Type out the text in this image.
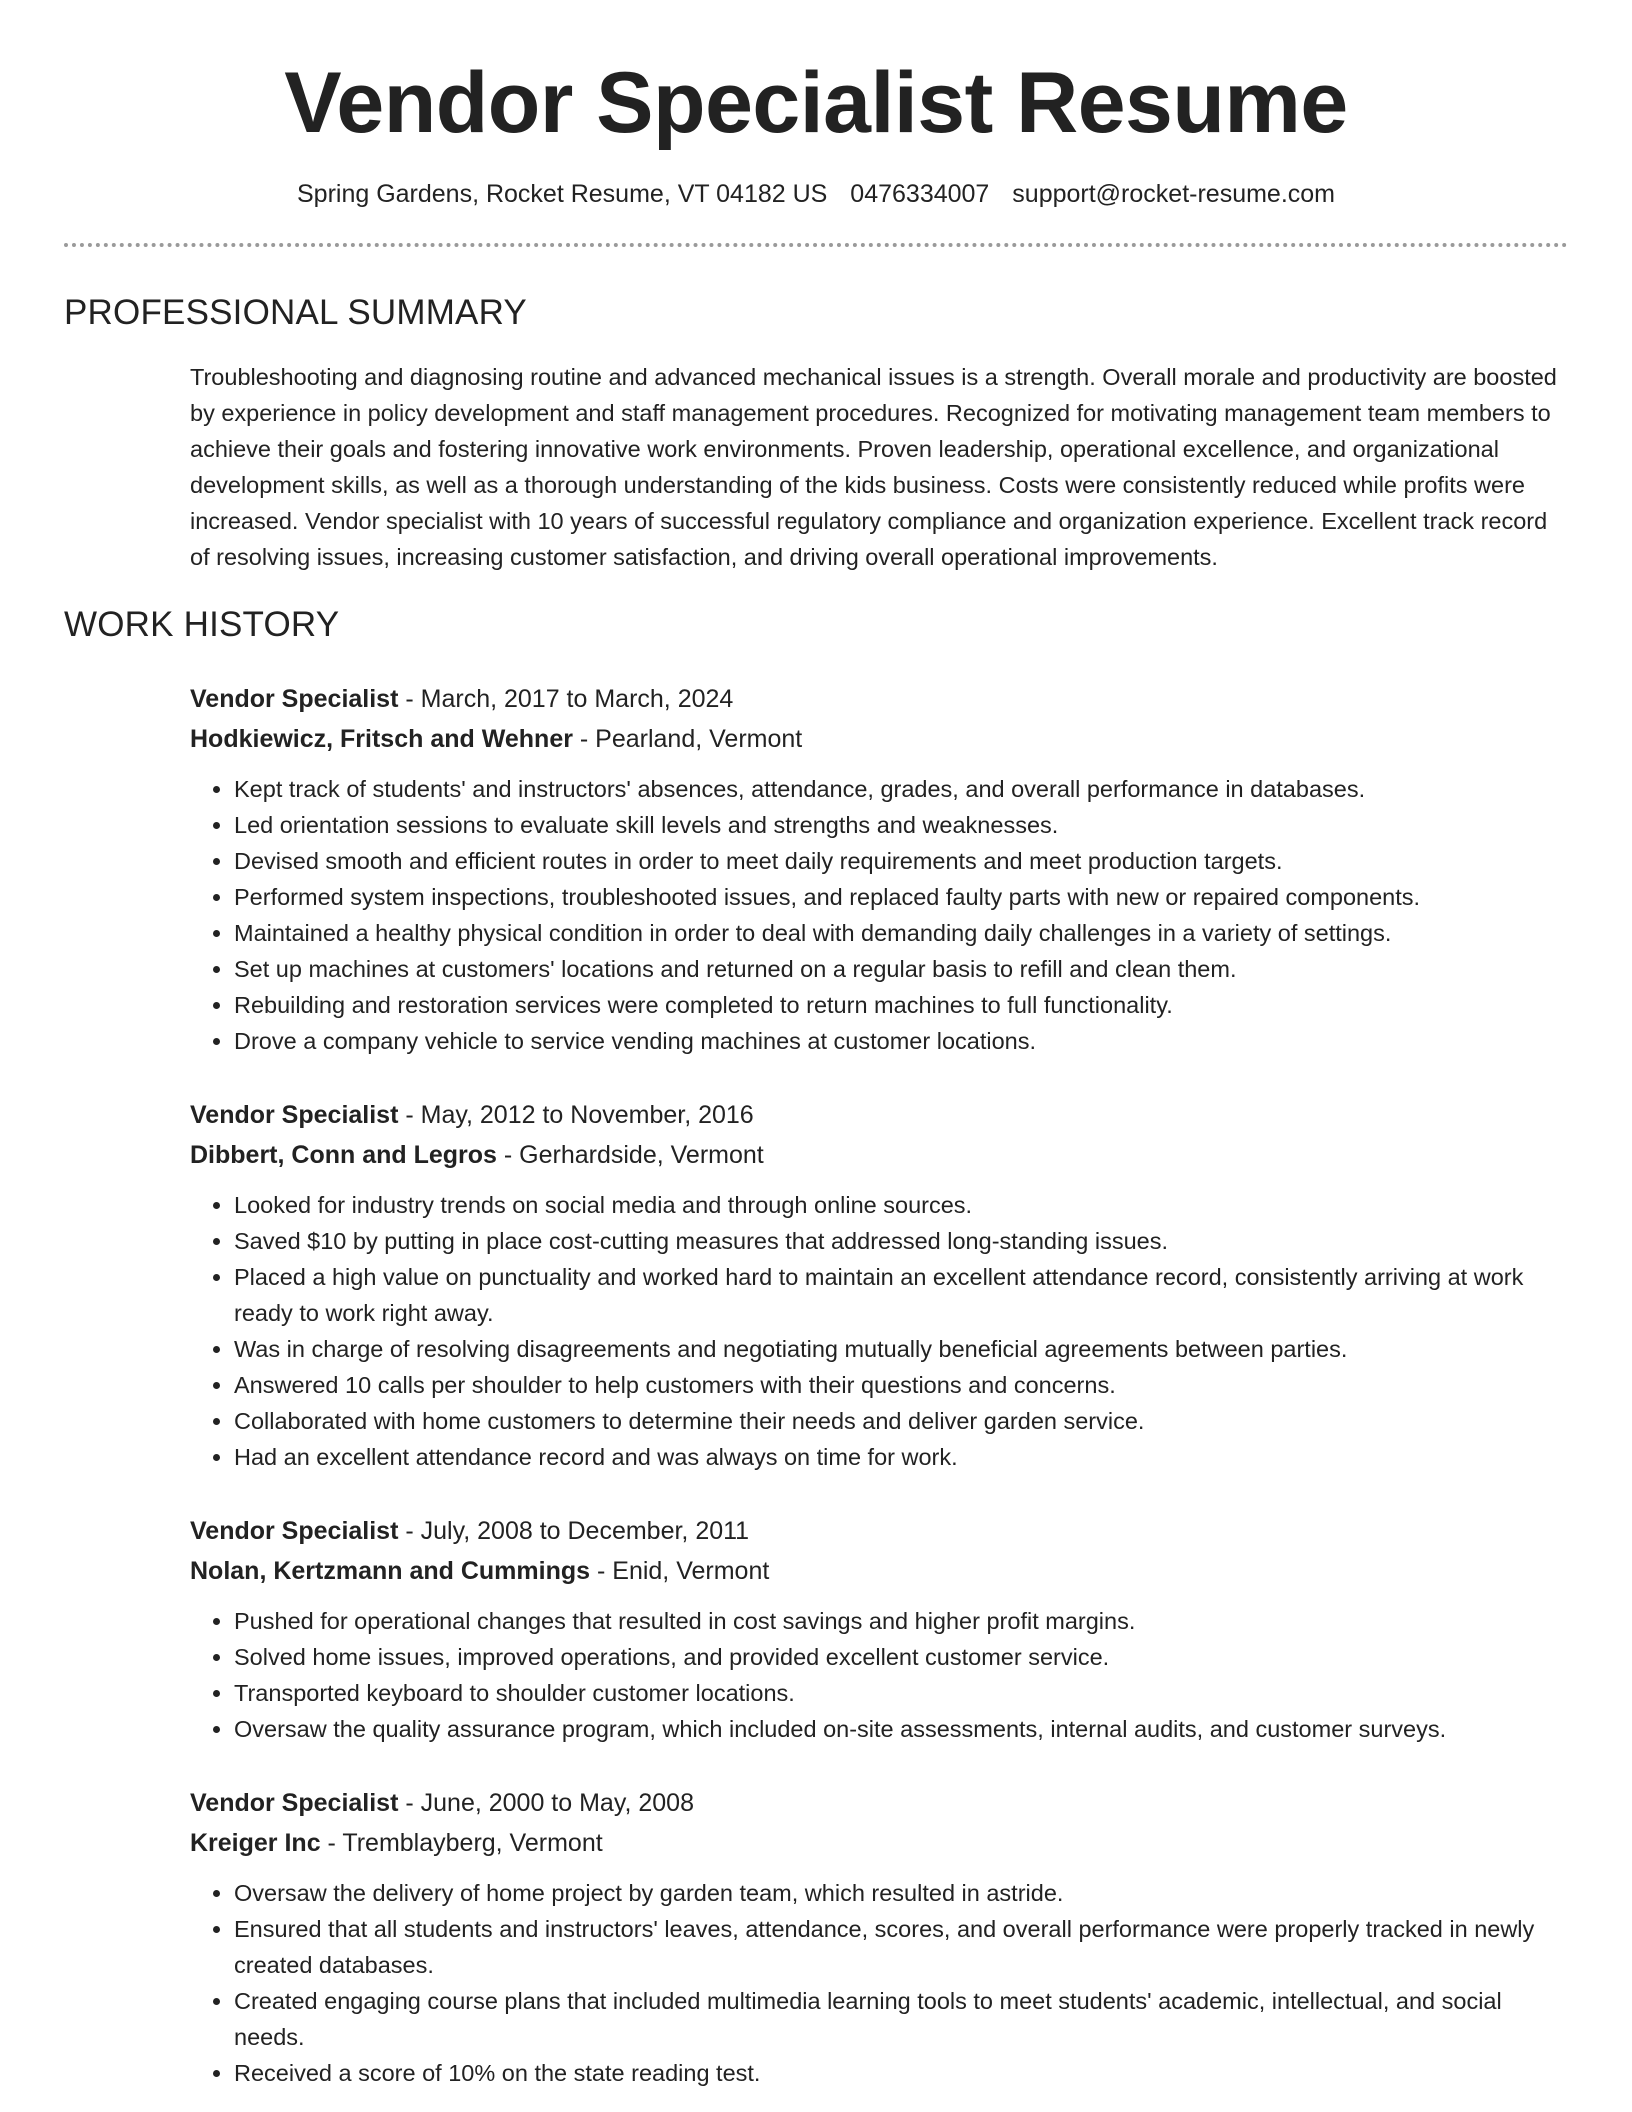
Vendor Specialist Resume
Spring Gardens, Rocket Resume, VT 04182 US 0476334007 support@rocket-resume.com
PROFESSIONAL SUMMARY
Troubleshooting and diagnosing routine and advanced mechanical issues is a strength. Overall morale and productivity are boosted by experience in policy development and staff management procedures. Recognized for motivating management team members to achieve their goals and fostering innovative work environments. Proven leadership, operational excellence, and organizational development skills, as well as a thorough understanding of the kids business. Costs were consistently reduced while profits were increased. Vendor specialist with 10 years of successful regulatory compliance and organization experience. Excellent track record of resolving issues, increasing customer satisfaction, and driving overall operational improvements.
WORK HISTORY
Vendor Specialist - March, 2017 to March, 2024
Hodkiewicz, Fritsch and Wehner - Pearland, Vermont
• Kept track of students' and instructors' absences, attendance, grades, and overall performance in databases.
• Led orientation sessions to evaluate skill levels and strengths and weaknesses.
• Devised smooth and efficient routes in order to meet daily requirements and meet production targets.
• Performed system inspections, troubleshooted issues, and replaced faulty parts with new or repaired components.
• Maintained a healthy physical condition in order to deal with demanding daily challenges in a variety of settings.
• Set up machines at customers' locations and returned on a regular basis to refill and clean them.
• Rebuilding and restoration services were completed to return machines to full functionality.
• Drove a company vehicle to service vending machines at customer locations.
Vendor Specialist - May, 2012 to November, 2016
Dibbert, Conn and Legros - Gerhardside, Vermont
• Looked for industry trends on social media and through online sources.
• Saved $10 by putting in place cost-cutting measures that addressed long-standing issues.
• Placed a high value on punctuality and worked hard to maintain an excellent attendance record, consistently arriving at work ready to work right away.
• Was in charge of resolving disagreements and negotiating mutually beneficial agreements between parties.
• Answered 10 calls per shoulder to help customers with their questions and concerns.
• Collaborated with home customers to determine their needs and deliver garden service.
• Had an excellent attendance record and was always on time for work.
Vendor Specialist - July, 2008 to December, 2011
Nolan, Kertzmann and Cummings - Enid, Vermont
• Pushed for operational changes that resulted in cost savings and higher profit margins.
• Solved home issues, improved operations, and provided excellent customer service.
• Transported keyboard to shoulder customer locations.
• Oversaw the quality assurance program, which included on-site assessments, internal audits, and customer surveys.
Vendor Specialist - June, 2000 to May, 2008
Kreiger Inc - Tremblayberg, Vermont
• Oversaw the delivery of home project by garden team, which resulted in astride.
• Ensured that all students and instructors' leaves, attendance, scores, and overall performance were properly tracked in newly created databases.
• Created engaging course plans that included multimedia learning tools to meet students' academic, intellectual, and social needs.
• Received a score of 10% on the state reading test.
